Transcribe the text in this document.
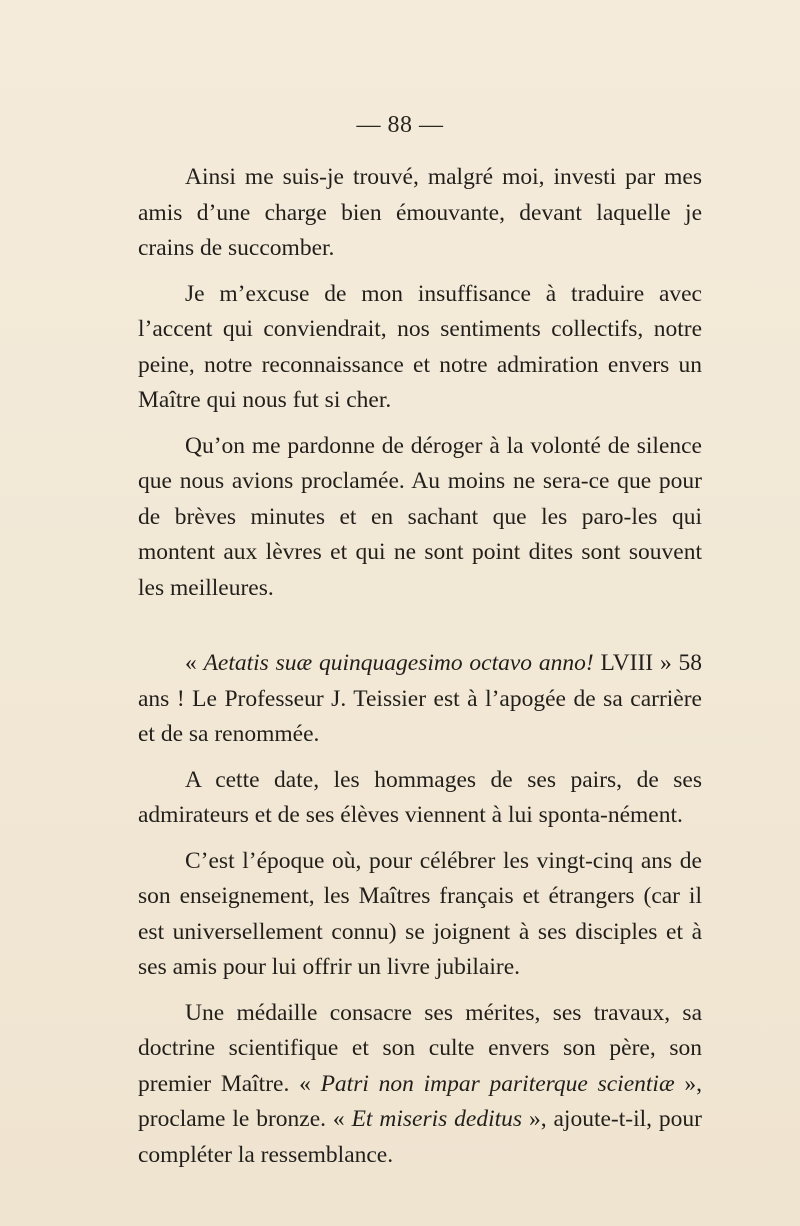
— 88 —

Ainsi me suis-je trouvé, malgré moi, investi par mes amis d’une charge bien émouvante, devant laquelle je crains de succomber.

Je m’excuse de mon insuffisance à traduire avec l’accent qui conviendrait, nos sentiments collectifs, notre peine, notre reconnaissance et notre admiration envers un Maître qui nous fut si cher.

Qu’on me pardonne de déroger à la volonté de silence que nous avions proclamée. Au moins ne sera-ce que pour de brèves minutes et en sachant que les paro-les qui montent aux lèvres et qui ne sont point dites sont souvent les meilleures.

« Aetatis suæ quinquagesimo octavo anno! LVIII » 58 ans ! Le Professeur J. Teissier est à l’apogée de sa carrière et de sa renommée.

A cette date, les hommages de ses pairs, de ses admirateurs et de ses élèves viennent à lui sponta-nément.

C’est l’époque où, pour célébrer les vingt-cinq ans de son enseignement, les Maîtres français et étrangers (car il est universellement connu) se joignent à ses disciples et à ses amis pour lui offrir un livre jubilaire.

Une médaille consacre ses mérites, ses travaux, sa doctrine scientifique et son culte envers son père, son premier Maître. « Patri non impar pariterque scientiæ », proclame le bronze. « Et miseris deditus », ajoute-t-il, pour compléter la ressemblance.
